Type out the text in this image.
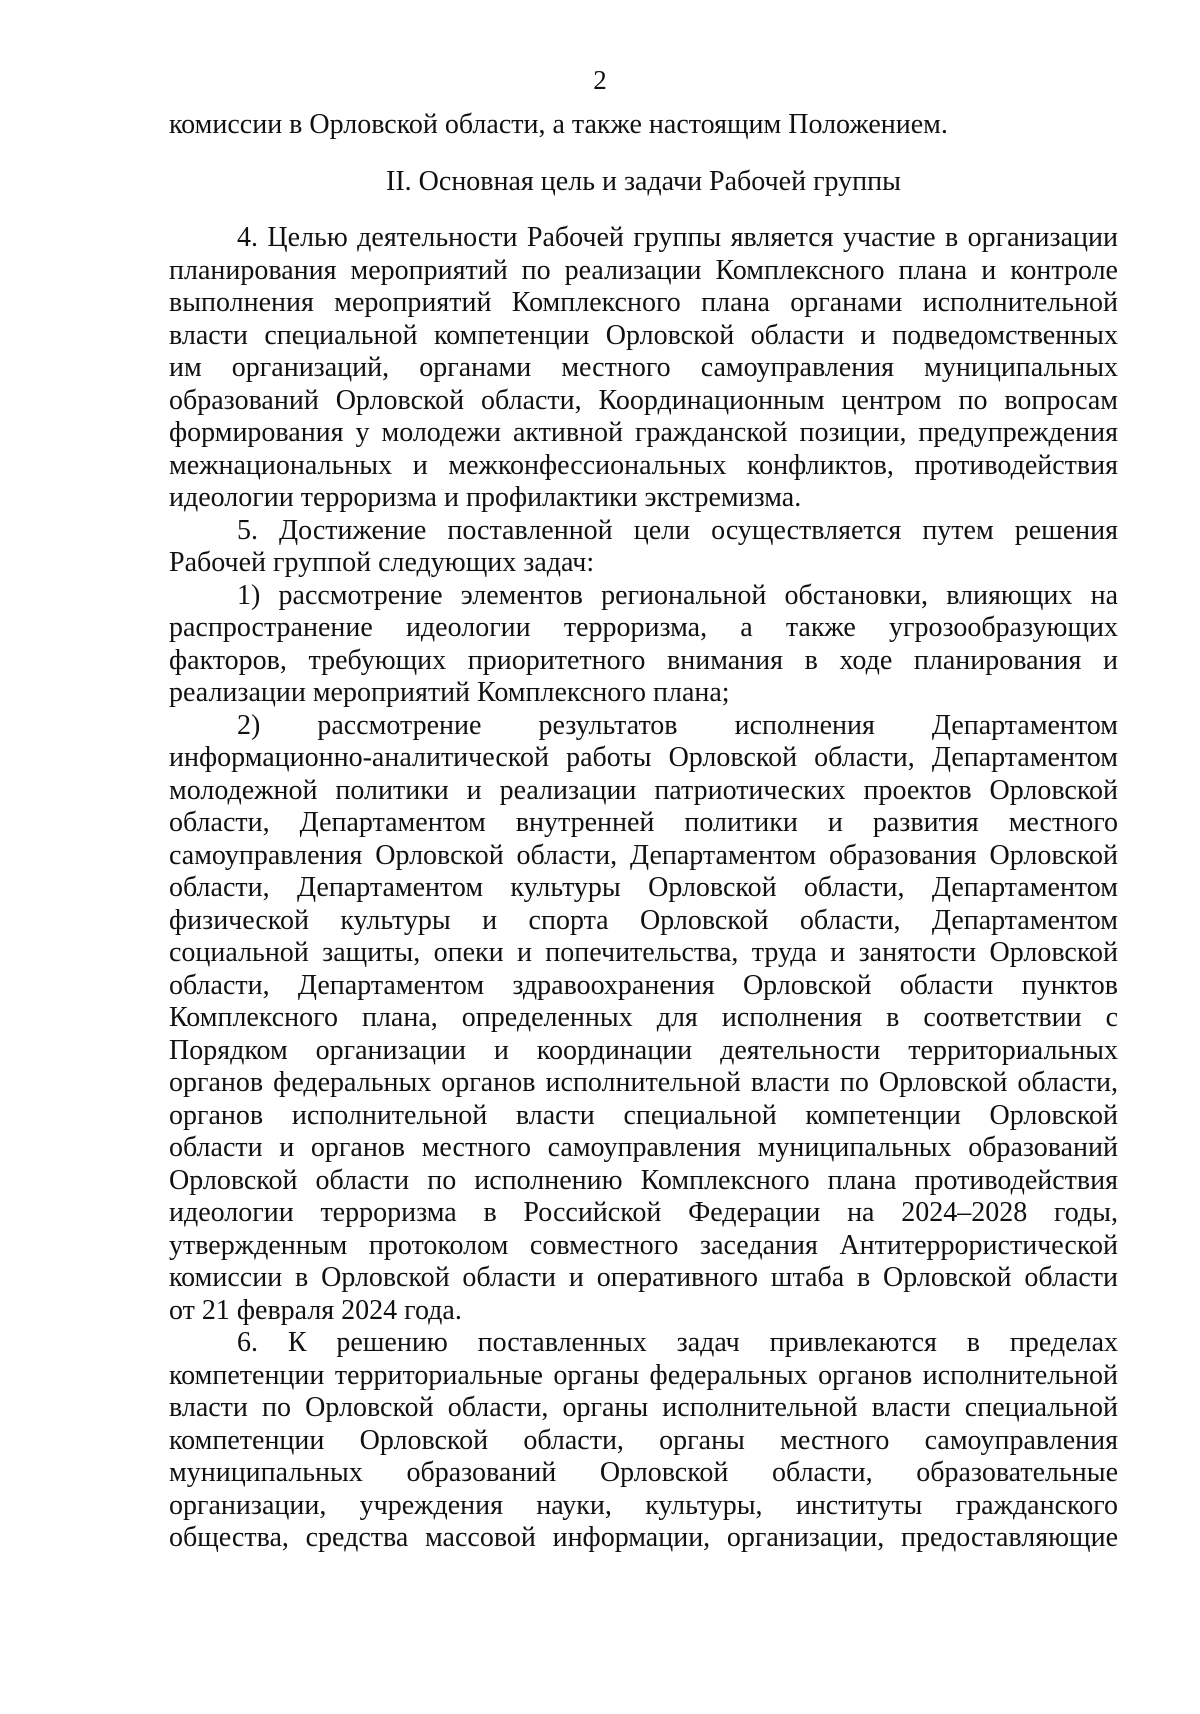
2
комиссии в Орловской области, а также настоящим Положением.
II. Основная цель и задачи Рабочей группы
4. Целью деятельности Рабочей группы является участие в организации
планирования мероприятий по реализации Комплексного плана и контроле
выполнения мероприятий Комплексного плана органами исполнительной
власти специальной компетенции Орловской области и подведомственных
им организаций, органами местного самоуправления муниципальных
образований Орловской области, Координационным центром по вопросам
формирования у молодежи активной гражданской позиции, предупреждения
межнациональных и межконфессиональных конфликтов, противодействия
идеологии терроризма и профилактики экстремизма.
5. Достижение поставленной цели осуществляется путем решения
Рабочей группой следующих задач:
1) рассмотрение элементов региональной обстановки, влияющих на
распространение идеологии терроризма, а также угрозообразующих
факторов, требующих приоритетного внимания в ходе планирования и
реализации мероприятий Комплексного плана;
2) рассмотрение результатов исполнения Департаментом
информационно-аналитической работы Орловской области, Департаментом
молодежной политики и реализации патриотических проектов Орловской
области, Департаментом внутренней политики и развития местного
самоуправления Орловской области, Департаментом образования Орловской
области, Департаментом культуры Орловской области, Департаментом
физической культуры и спорта Орловской области, Департаментом
социальной защиты, опеки и попечительства, труда и занятости Орловской
области, Департаментом здравоохранения Орловской области пунктов
Комплексного плана, определенных для исполнения в соответствии с
Порядком организации и координации деятельности территориальных
органов федеральных органов исполнительной власти по Орловской области,
органов исполнительной власти специальной компетенции Орловской
области и органов местного самоуправления муниципальных образований
Орловской области по исполнению Комплексного плана противодействия
идеологии терроризма в Российской Федерации на 2024–2028 годы,
утвержденным протоколом совместного заседания Антитеррористической
комиссии в Орловской области и оперативного штаба в Орловской области
от 21 февраля 2024 года.
6. К решению поставленных задач привлекаются в пределах
компетенции территориальные органы федеральных органов исполнительной
власти по Орловской области, органы исполнительной власти специальной
компетенции Орловской области, органы местного самоуправления
муниципальных образований Орловской области, образовательные
организации, учреждения науки, культуры, институты гражданского
общества, средства массовой информации, организации, предоставляющие
